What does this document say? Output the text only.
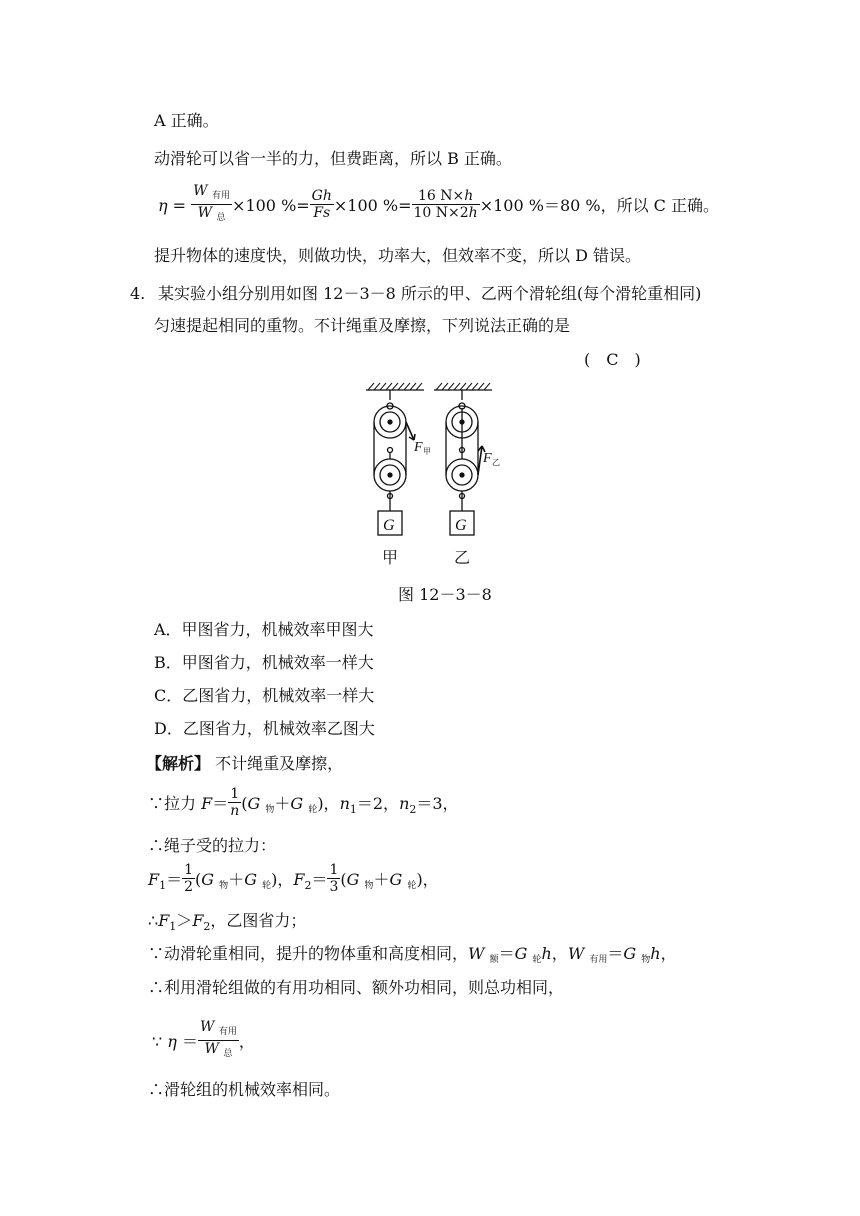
A 正确。
动滑轮可以省一半的力，但费距离，所以 B 正确。
$\eta = \frac{W _{有用}}{W _总} \times 100$ %= $\frac{Gh}{Fs} \times 100$ %= $\frac{16 N\times h}{10 N\times 2h} \times 100$ %＝80 %，所以 C 正确。
提升物体的速度快，则做功快，功率大，但效率不变，所以 D 错误。
4. 某实验小组分别用如图 12－3－8 所示的甲、乙两个滑轮组(每个滑轮重相同)
匀速提起相同的重物。不计绳重及摩擦，下列说法正确的是
(　C　)
G	G
F 甲	F 乙
甲	乙
图 12－3－8
A．甲图省力，机械效率甲图大
B．甲图省力，机械效率一样大
C．乙图省力，机械效率一样大
D．乙图省力，机械效率乙图大
【解析】 不计绳重及摩擦，
∵拉力 $F= \frac{1}{n} (G$ $_物$＋G $_轮$)，$n_1=2$，$n_2=3$，
∴绳子受的拉力：
$F_1= \frac{1}{2} (G$ $_物$＋G $_轮$)，$F_2= \frac{1}{3} (G$ $_物$＋G $_轮$)，
$\therefore F_1>F_2$，乙图省力；
∵动滑轮重相同，提升的物体重和高度相同，W $_额$＝G $_轮$h，W $_{有用}$＝G $_物$h，
∴利用滑轮组做的有用功相同、额外功相同，则总功相同，
∵ $\eta = \frac{W _{有用}}{W _总}$ ，
∴滑轮组的机械效率相同。
